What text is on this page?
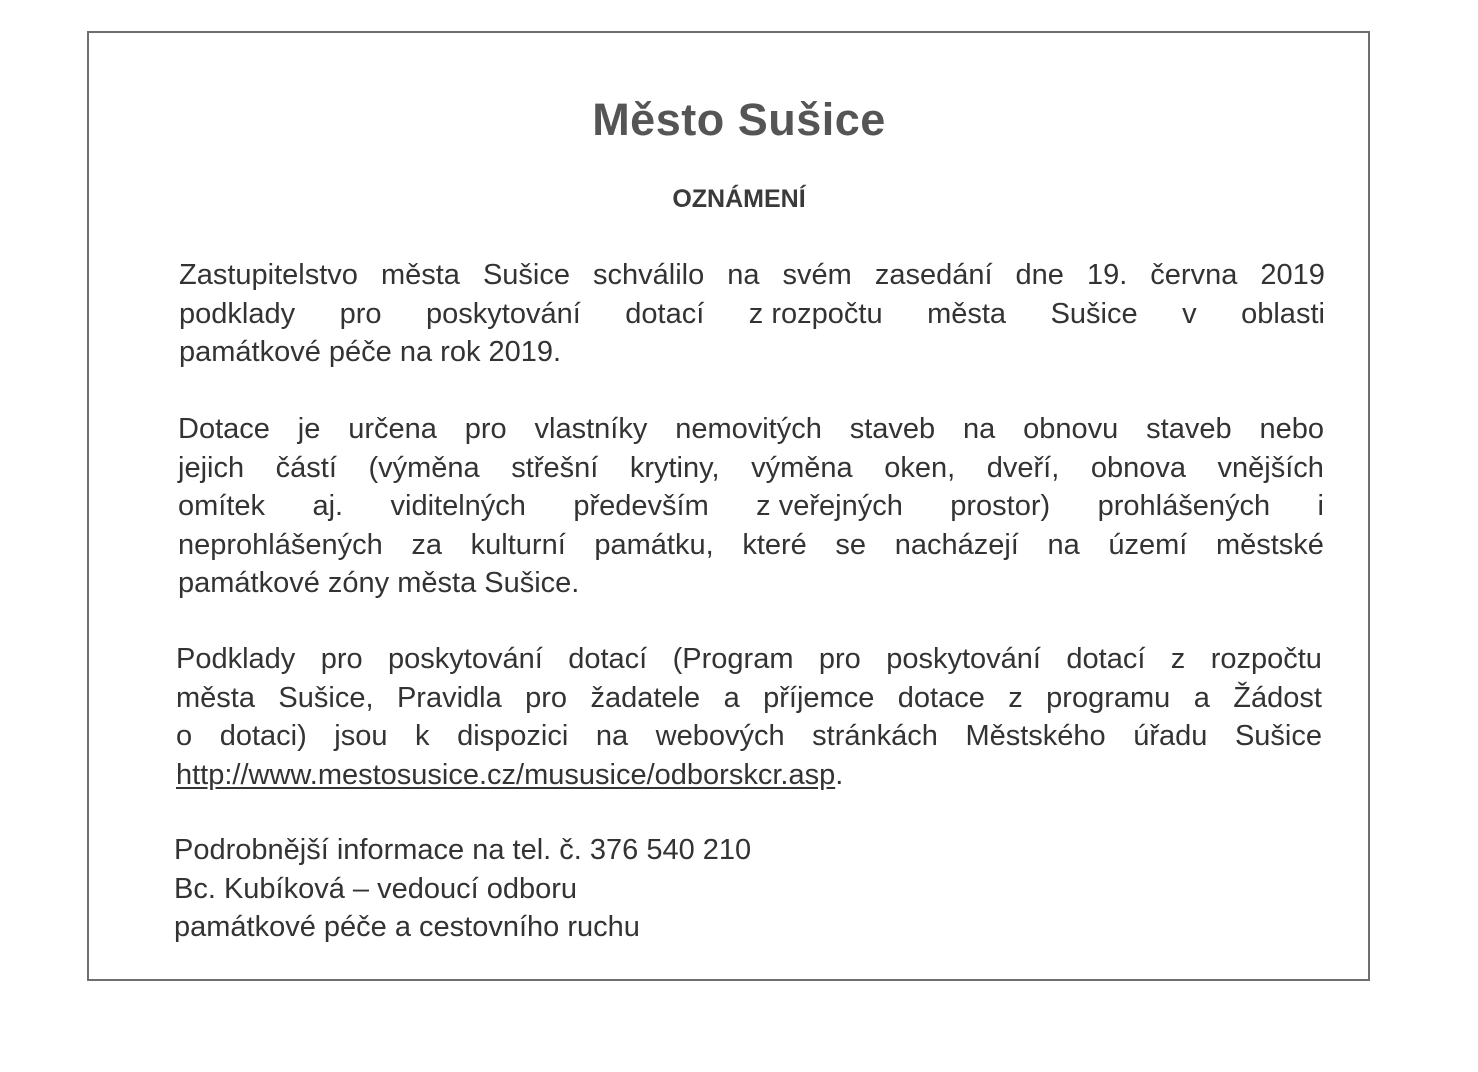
Město Sušice
OZNÁMENÍ
Zastupitelstvo města Sušice schválilo na svém zasedání dne 19. června 2019
podklady pro poskytování dotací z rozpočtu města Sušice v oblasti
památkové péče na rok 2019.
Dotace je určena pro vlastníky nemovitých staveb na obnovu staveb nebo
jejich částí (výměna střešní krytiny, výměna oken, dveří, obnova vnějších
omítek aj. viditelných především z veřejných prostor) prohlášených i
neprohlášených za kulturní památku, které se nacházejí na území městské
památkové zóny města Sušice.
Podklady pro poskytování dotací (Program pro poskytování dotací z rozpočtu
města Sušice, Pravidla pro žadatele a příjemce dotace z programu a Žádost
o dotaci) jsou k dispozici na webových stránkách Městského úřadu Sušice
http://www.mestosusice.cz/mususice/odborskcr.asp.
Podrobnější informace na tel. č. 376 540 210
Bc. Kubíková – vedoucí odboru
památkové péče a cestovního ruchu
